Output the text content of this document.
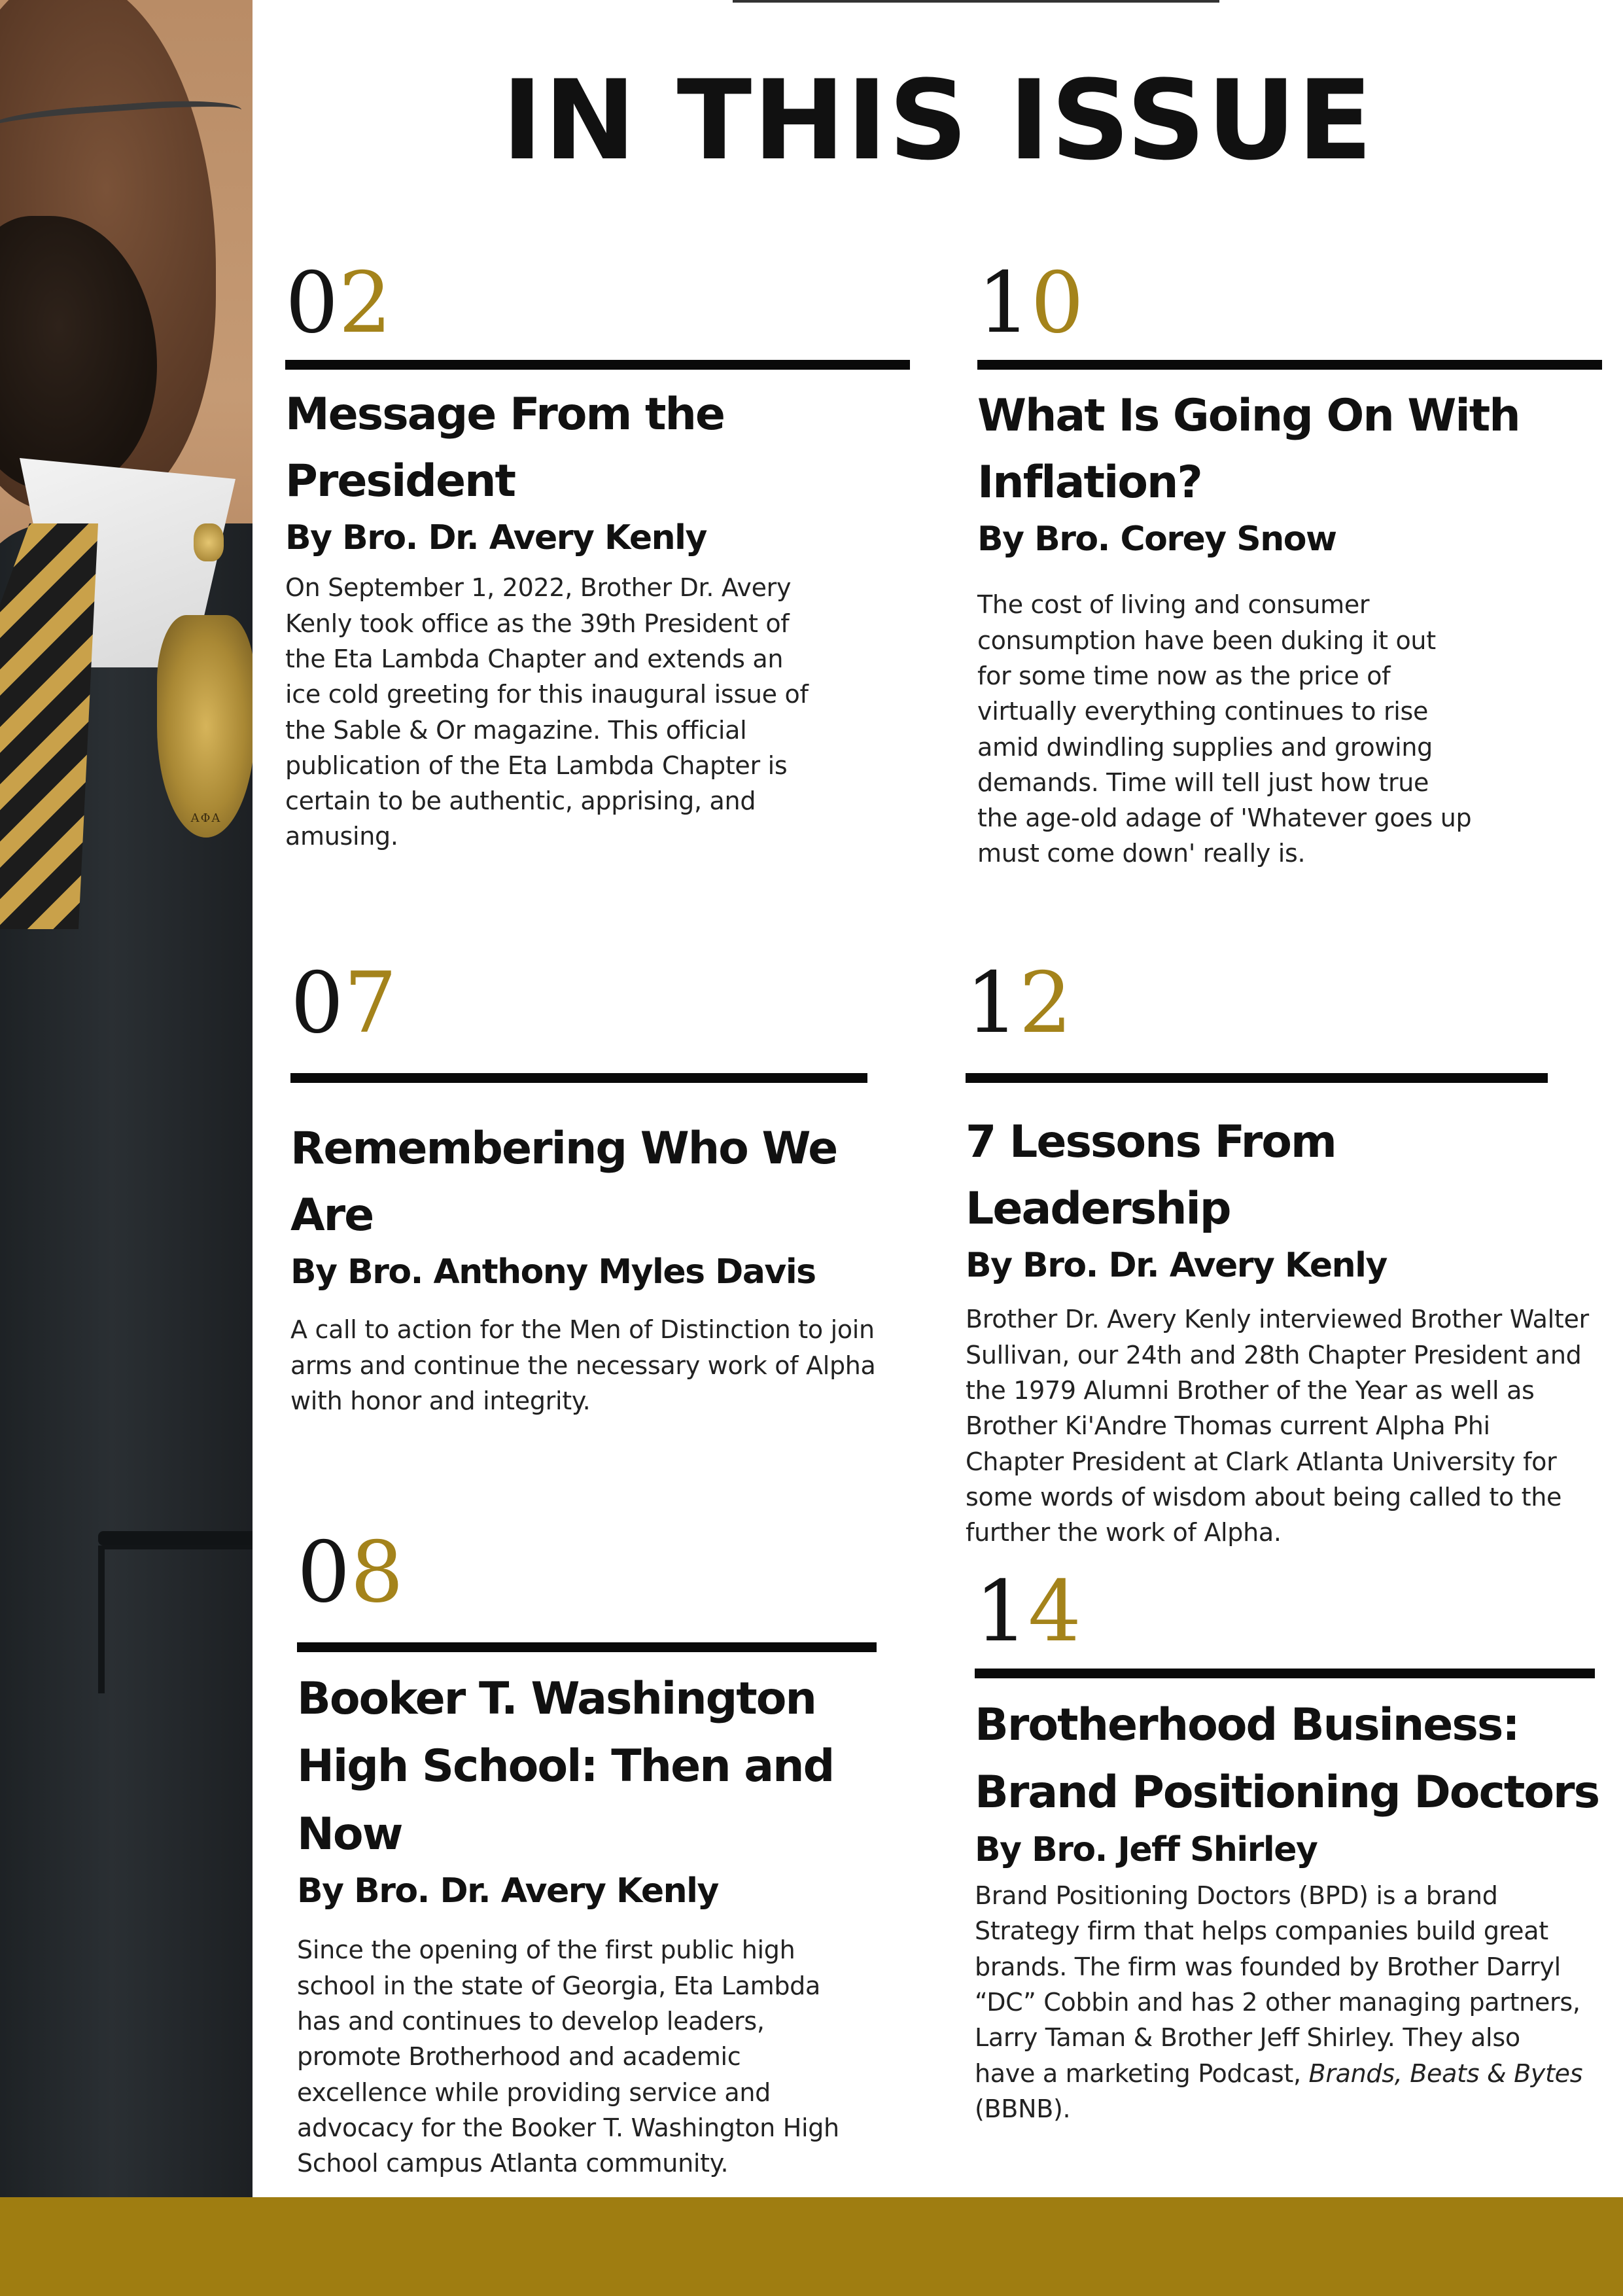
ΑΦΑ
IN THIS ISSUE
02
Message From the President

By Bro. Dr. Avery Kenly

On September 1, 2022, Brother Dr. Avery Kenly took office as the 39th President of the Eta Lambda Chapter and extends an ice cold greeting for this inaugural issue of the Sable & Or magazine. This official publication of the Eta Lambda Chapter is certain to be authentic, apprising, and amusing.

10
What Is Going On With Inflation?

By Bro. Corey Snow

The cost of living and consumer consumption have been duking it out for some time now as the price of virtually everything continues to rise amid dwindling supplies and growing demands. Time will tell just how true the age-old adage of 'Whatever goes up must come down' really is.

07
Remembering Who We Are

By Bro. Anthony Myles Davis

A call to action for the Men of Distinction to join arms and continue the necessary work of Alpha with honor and integrity.

12
7 Lessons From Leadership

By Bro. Dr. Avery Kenly

Brother Dr. Avery Kenly interviewed Brother Walter Sullivan, our 24th and 28th Chapter President and the 1979 Alumni Brother of the Year as well as Brother Ki'Andre Thomas current Alpha Phi Chapter President at Clark Atlanta University for some words of wisdom about being called to the further the work of Alpha.

08
Booker T. Washington High School: Then and Now

By Bro. Dr. Avery Kenly

Since the opening of the first public high school in the state of Georgia, Eta Lambda has and continues to develop leaders, promote Brotherhood and academic excellence while providing service and advocacy for the Booker T. Washington High School campus Atlanta community.

14
Brotherhood Business: Brand Positioning Doctors

By Bro. Jeff Shirley

Brand Positioning Doctors (BPD) is a brand Strategy firm that helps companies build great brands. The firm was founded by Brother Darryl “DC” Cobbin and has 2 other managing partners, Larry Taman & Brother Jeff Shirley. They also have a marketing Podcast, Brands, Beats & Bytes (BBNB).
